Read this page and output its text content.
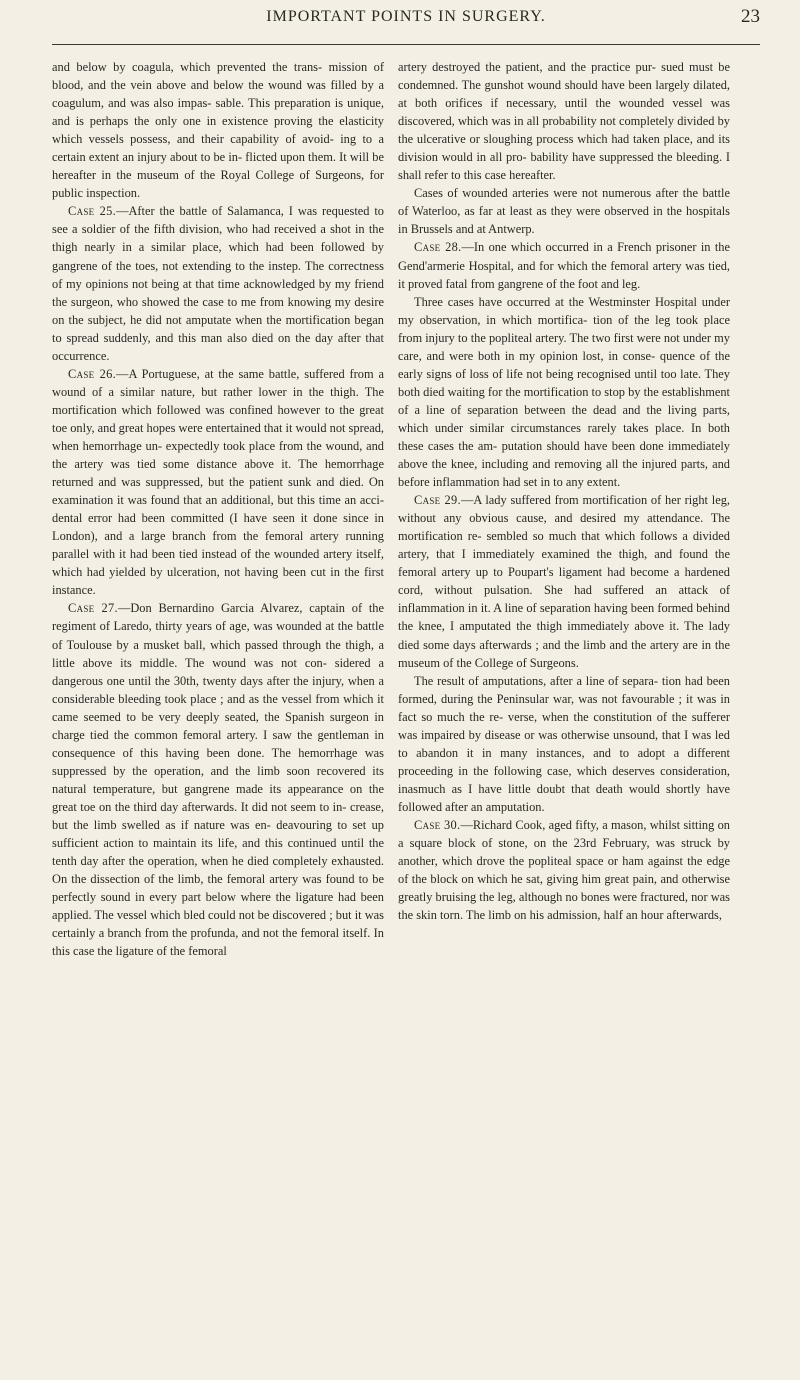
IMPORTANT POINTS IN SURGERY.	23

and below by coagula, which prevented the trans- mission of blood, and the vein above and below the wound was filled by a coagulum, and was also impas- sable. This preparation is unique, and is perhaps the only one in existence proving the elasticity which vessels possess, and their capability of avoid- ing to a certain extent an injury about to be in- flicted upon them. It will be hereafter in the museum of the Royal College of Surgeons, for public inspection.

Case 25.—After the battle of Salamanca, I was requested to see a soldier of the fifth division, who had received a shot in the thigh nearly in a similar place, which had been followed by gangrene of the toes, not extending to the instep. The correctness of my opinions not being at that time acknowledged by my friend the surgeon, who showed the case to me from knowing my desire on the subject, he did not amputate when the mortification began to spread suddenly, and this man also died on the day after that occurrence.

Case 26.—A Portuguese, at the same battle, suffered from a wound of a similar nature, but rather lower in the thigh. The mortification which followed was confined however to the great toe only, and great hopes were entertained that it would not spread, when hemorrhage un- expectedly took place from the wound, and the artery was tied some distance above it. The hemorrhage returned and was suppressed, but the patient sunk and died. On examination it was found that an additional, but this time an acci- dental error had been committed (I have seen it done since in London), and a large branch from the femoral artery running parallel with it had been tied instead of the wounded artery itself, which had yielded by ulceration, not having been cut in the first instance.

Case 27.—Don Bernardino Garcia Alvarez, captain of the regiment of Laredo, thirty years of age, was wounded at the battle of Toulouse by a musket ball, which passed through the thigh, a little above its middle. The wound was not con- sidered a dangerous one until the 30th, twenty days after the injury, when a considerable bleeding took place ; and as the vessel from which it came seemed to be very deeply seated, the Spanish surgeon in charge tied the common femoral artery. I saw the gentleman in consequence of this having been done. The hemorrhage was suppressed by the operation, and the limb soon recovered its natural temperature, but gangrene made its appearance on the great toe on the third day afterwards. It did not seem to in- crease, but the limb swelled as if nature was en- deavouring to set up sufficient action to maintain its life, and this continued until the tenth day after the operation, when he died completely exhausted. On the dissection of the limb, the femoral artery was found to be perfectly sound in every part below where the ligature had been applied. The vessel which bled could not be discovered ; but it was certainly a branch from the profunda, and not the femoral itself. In this case the ligature of the femoral

artery destroyed the patient, and the practice pur- sued must be condemned. The gunshot wound should have been largely dilated, at both orifices if necessary, until the wounded vessel was discovered, which was in all probability not completely divided by the ulcerative or sloughing process which had taken place, and its division would in all pro- bability have suppressed the bleeding. I shall refer to this case hereafter.

Cases of wounded arteries were not numerous after the battle of Waterloo, as far at least as they were observed in the hospitals in Brussels and at Antwerp.

Case 28.—In one which occurred in a French prisoner in the Gend'armerie Hospital, and for which the femoral artery was tied, it proved fatal from gangrene of the foot and leg.

Three cases have occurred at the Westminster Hospital under my observation, in which mortifica- tion of the leg took place from injury to the popliteal artery. The two first were not under my care, and were both in my opinion lost, in conse- quence of the early signs of loss of life not being recognised until too late. They both died waiting for the mortification to stop by the establishment of a line of separation between the dead and the living parts, which under similar circumstances rarely takes place. In both these cases the am- putation should have been done immediately above the knee, including and removing all the injured parts, and before inflammation had set in to any extent.

Case 29.—A lady suffered from mortification of her right leg, without any obvious cause, and desired my attendance. The mortification re- sembled so much that which follows a divided artery, that I immediately examined the thigh, and found the femoral artery up to Poupart's ligament had become a hardened cord, without pulsation. She had suffered an attack of inflammation in it. A line of separation having been formed behind the knee, I amputated the thigh immediately above it. The lady died some days afterwards ; and the limb and the artery are in the museum of the College of Surgeons.

The result of amputations, after a line of separa- tion had been formed, during the Peninsular war, was not favourable ; it was in fact so much the re- verse, when the constitution of the sufferer was impaired by disease or was otherwise unsound, that I was led to abandon it in many instances, and to adopt a different proceeding in the following case, which deserves consideration, inasmuch as I have little doubt that death would shortly have followed after an amputation.

Case 30.—Richard Cook, aged fifty, a mason, whilst sitting on a square block of stone, on the 23rd February, was struck by another, which drove the popliteal space or ham against the edge of the block on which he sat, giving him great pain, and otherwise greatly bruising the leg, although no bones were fractured, nor was the skin torn. The limb on his admission, half an hour afterwards,
